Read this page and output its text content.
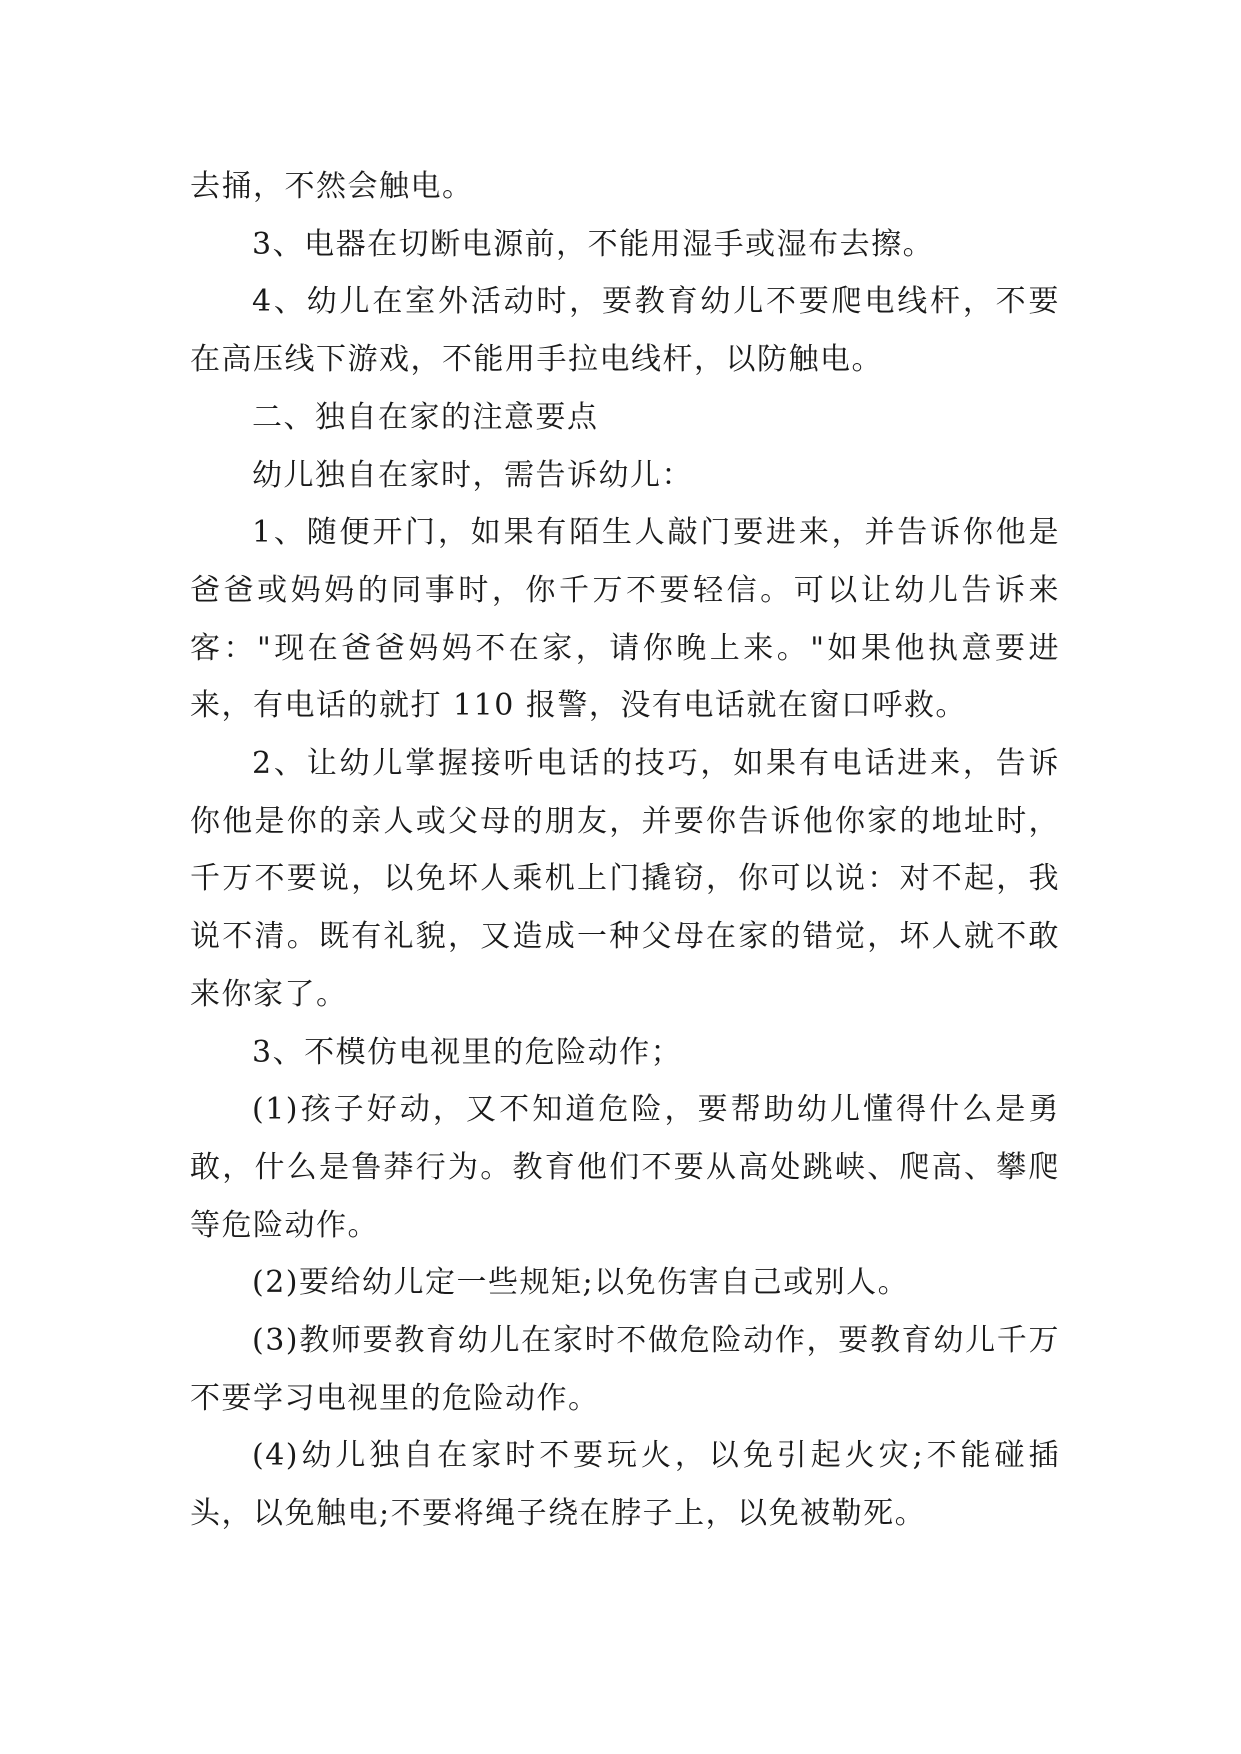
去捅，不然会触电。

3、电器在切断电源前，不能用湿手或湿布去擦。

4、幼儿在室外活动时，要教育幼儿不要爬电线杆，不要在高压线下游戏，不能用手拉电线杆，以防触电。

二、独自在家的注意要点

幼儿独自在家时，需告诉幼儿：

1、随便开门，如果有陌生人敲门要进来，并告诉你他是爸爸或妈妈的同事时，你千万不要轻信。可以让幼儿告诉来客："现在爸爸妈妈不在家，请你晚上来。"如果他执意要进来，有电话的就打 110 报警，没有电话就在窗口呼救。

2、让幼儿掌握接听电话的技巧，如果有电话进来，告诉你他是你的亲人或父母的朋友，并要你告诉他你家的地址时，千万不要说，以免坏人乘机上门撬窃，你可以说：对不起，我说不清。既有礼貌，又造成一种父母在家的错觉，坏人就不敢来你家了。

3、不模仿电视里的危险动作；

(1)孩子好动，又不知道危险，要帮助幼儿懂得什么是勇敢，什么是鲁莽行为。教育他们不要从高处跳峡、爬高、攀爬等危险动作。

(2)要给幼儿定一些规矩;以免伤害自己或别人。

(3)教师要教育幼儿在家时不做危险动作，要教育幼儿千万不要学习电视里的危险动作。

(4)幼儿独自在家时不要玩火，以免引起火灾;不能碰插头，以免触电;不要将绳子绕在脖子上，以免被勒死。
